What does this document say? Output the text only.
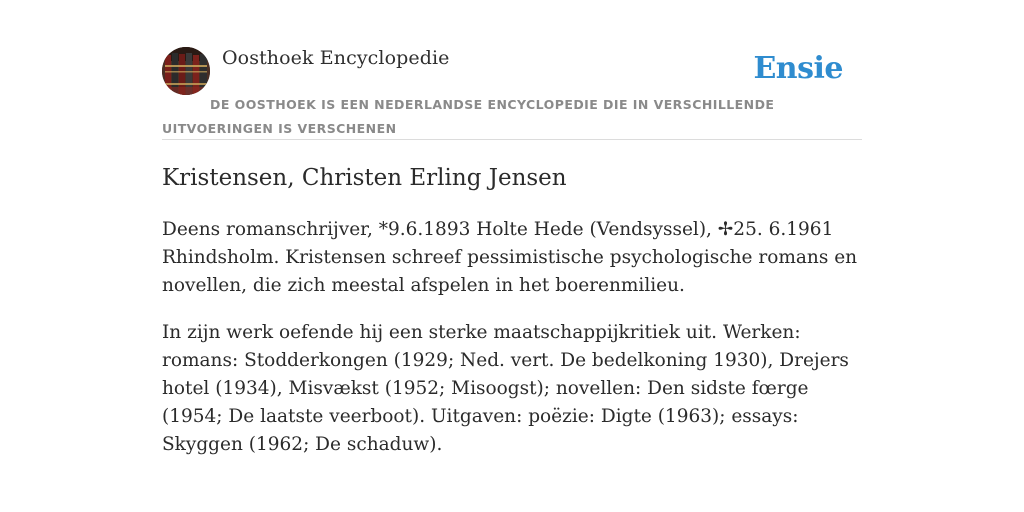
Oosthoek Encyclopedie	Ensie
DE OOSTHOEK IS EEN NEDERLANDSE ENCYCLOPEDIE DIE IN VERSCHILLENDE UITVOERINGEN IS VERSCHENEN
Kristensen, Christen Erling Jensen

Deens romanschrijver, *9.6.1893 Holte Hede (Vendsyssel), ✢25. 6.1961 Rhindsholm. Kristensen schreef pessimistische psychologische romans en novellen, die zich meestal afspelen in het boerenmilieu.

In zijn werk oefende hij een sterke maatschappijkritiek uit. Werken: romans: Stodderkongen (1929; Ned. vert. De bedelkoning 1930), Drejers hotel (1934), Misvækst (1952; Misoogst); novellen: Den sidste fœrge (1954; De laatste veerboot). Uitgaven: poëzie: Digte (1963); essays: Skyggen (1962; De schaduw).
